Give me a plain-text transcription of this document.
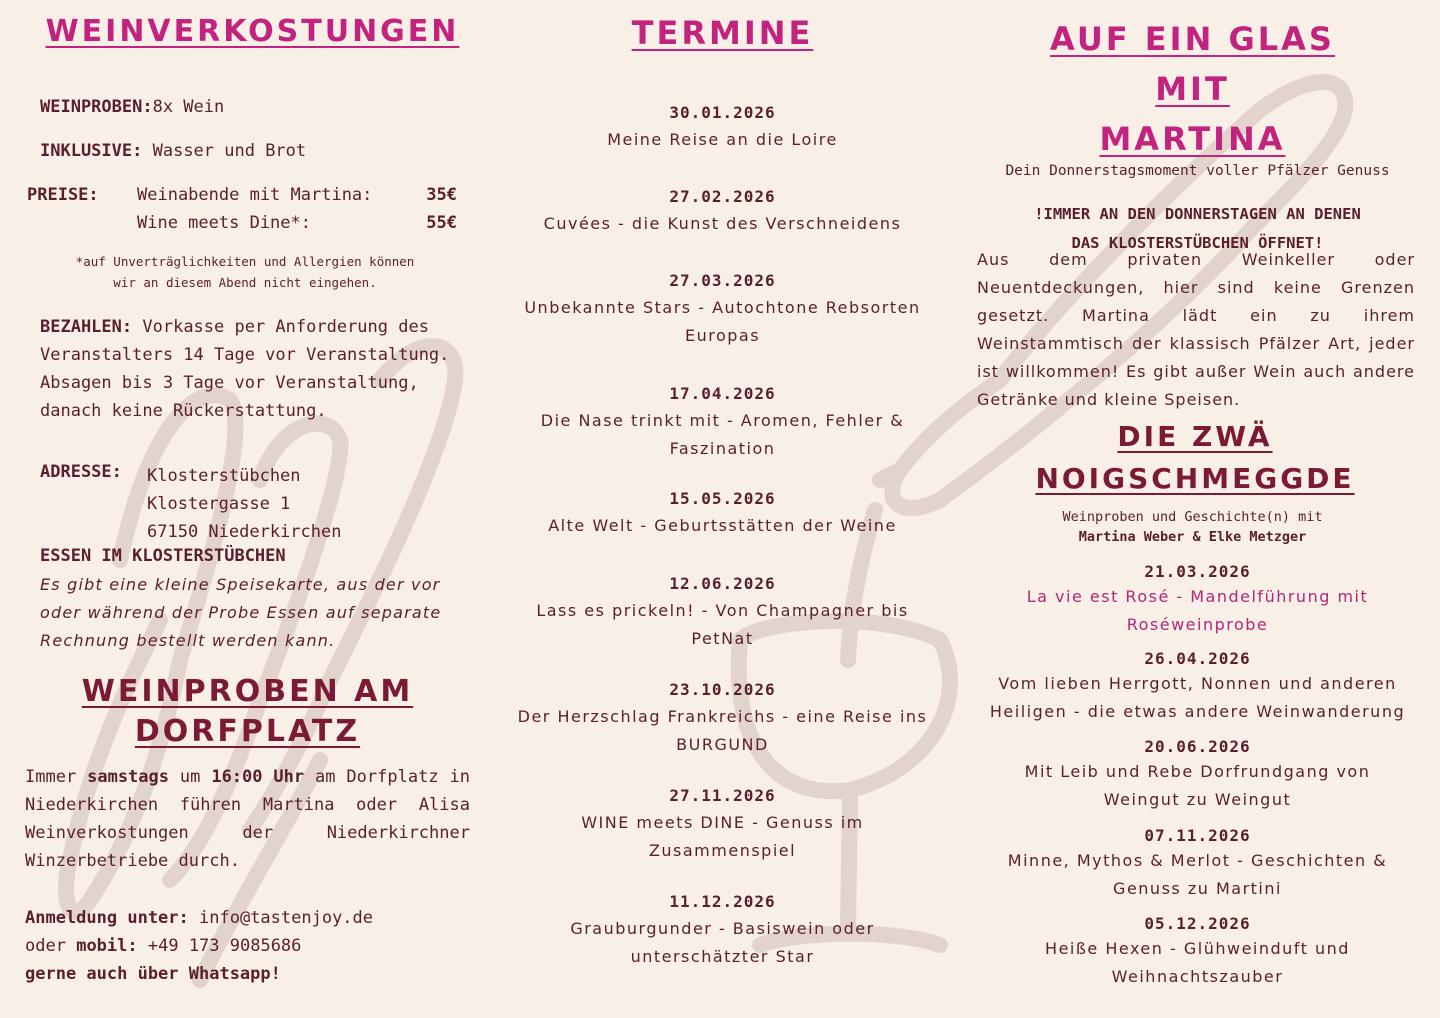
WEINVERKOSTUNGEN
WEINPROBEN:8x Wein
INKLUSIVE: Wasser und Brot
PREISE: Weinabende mit Martina:	35€
Wine meets Dine*:	55€
*auf Unverträglichkeiten und Allergien können
wir an diesem Abend nicht eingehen.
BEZAHLEN: Vorkasse per Anforderung des Veranstalters 14 Tage vor Veranstaltung. Absagen bis 3 Tage vor Veranstaltung, danach keine Rückerstattung.
ADRESSE: Klosterstübchen
Klostergasse 1
67150 Niederkirchen
ESSEN IM KLOSTERSTÜBCHEN
Es gibt eine kleine Speisekarte, aus der vor oder während der Probe Essen auf separate Rechnung bestellt werden kann.
WEINPROBEN AM
DORFPLATZ
Immer samstags um 16:00 Uhr am Dorfplatz in Niederkirchen führen Martina oder Alisa Weinverkostungen der Niederkirchner Winzerbetriebe durch.
Anmeldung unter: info@tastenjoy.de
oder mobil: +49 173 9085686
gerne auch über Whatsapp!
TERMINE
30.01.2026
Meine Reise an die Loire
27.02.2026
Cuvées - die Kunst des Verschneidens
27.03.2026
Unbekannte Stars - Autochtone Rebsorten Europas
17.04.2026
Die Nase trinkt mit - Aromen, Fehler & Faszination
15.05.2026
Alte Welt - Geburtsstätten der Weine
12.06.2026
Lass es prickeln! - Von Champagner bis PetNat
23.10.2026
Der Herzschlag Frankreichs - eine Reise ins BURGUND
27.11.2026
WINE meets DINE - Genuss im Zusammenspiel
11.12.2026
Grauburgunder - Basiswein oder unterschätzter Star
AUF EIN GLAS
MIT
MARTINA
Dein Donnerstagsmoment voller Pfälzer Genuss
!IMMER AN DEN DONNERSTAGEN AN DENEN
DAS KLOSTERSTÜBCHEN ÖFFNET!
Aus dem privaten Weinkeller oder Neuentdeckungen, hier sind keine Grenzen gesetzt. Martina lädt ein zu ihrem Weinstammtisch der klassisch Pfälzer Art, jeder ist willkommen! Es gibt außer Wein auch andere Getränke und kleine Speisen.
DIE ZWÄ
NOIGSCHMEGGDE
Weinproben und Geschichte(n) mit
Martina Weber & Elke Metzger
21.03.2026
La vie est Rosé - Mandelführung mit Roséweinprobe
26.04.2026
Vom lieben Herrgott, Nonnen und anderen Heiligen - die etwas andere Weinwanderung
20.06.2026
Mit Leib und Rebe Dorfrundgang von Weingut zu Weingut
07.11.2026
Minne, Mythos & Merlot - Geschichten & Genuss zu Martini
05.12.2026
Heiße Hexen - Glühweinduft und Weihnachtszauber
